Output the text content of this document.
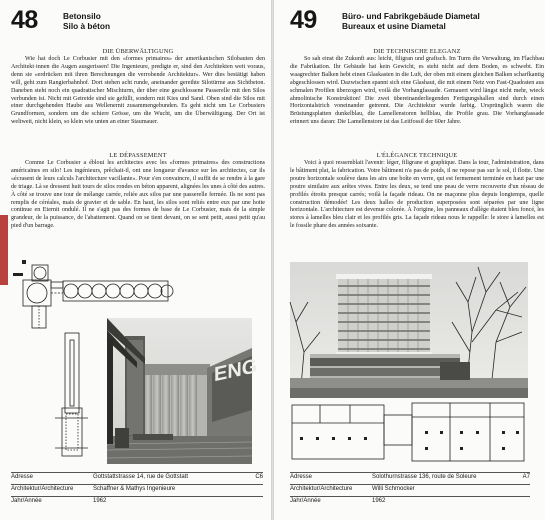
48	Betonsilo
Silo à béton
DIE ÜBERWÄLTIGUNG

Wie hat doch Le Corbusier mit den «formes primaires» der amerikanischen Silobauten den Architekt·innen die Augen ausgerissen! Die Ingenieure, predigte er, sind den Architekten weit voraus, denn sie «erdrücken mit ihren Berechnungen die verrohende Architektur». Wer dies bestätigt haben will, geht zum Rangierbahnhof. Dort stehen acht runde, aneinander gereihte Silotürme aus Sichtbeton. Daneben steht noch ein quadratischer Mischturm, der über eine geschlossene Passerelle mit den Silos verbunden ist. Nicht mit Getreide sind sie gefüllt, sondern mit Kies und Sand. Oben sind die Silos mit einer durchgehenden Haube aus Wellenernit zusammengebunden. Es geht nicht um Le Corbusiers Grundformen, sondern um die schiere Grösse, um die Wucht, um die Überwältigung. Der Ort ist weltweit, nicht klein, so klein wie unten an einer Staumauer.

LE DÉPASSEMENT

Comme Le Corbusier a ébloui les architectes avec les «formes primaires» des constructions américaines en silo! Les ingénieurs, prêchait-il, ont une longueur d'avance sur les architectes, car ils «écrasent de leurs calculs l'architecture vacillante». Pour s'en convaincre, il suffit de se rendre à la gare de triage. Là se dressent huit tours de silos rondes en béton apparent, alignées les unes à côté des autres. À côté se trouve une tour de mélange carrée, reliée aux silos par une passerelle fermée. Ils ne sont pas remplis de céréales, mais de gravier et de sable. En haut, les silos sont reliés entre eux par une hotte continue en Eternit ondulé. Il ne s'agit pas des formes de base de Le Corbusier, mais de la simple grandeur, de la puissance, de l'abattement. Quand on se tient devant, on se sent petit, aussi petit qu'au pied d'un barrage.

ENG
Adresse	Gottstattstrasse 14, rue de Gottstatt	C6
Architektur/Architecture	Schaffner & Mathys Ingenieure
Jahr/Année	1962
49	Büro- und Fabrikgebäude Diametal
Bureaux et usine Diametal
DIE TECHNISCHE ELEGANZ

So sah einst die Zukunft aus: leicht, filigran und grafisch. Im Turm die Verwaltung, im Flachbau die Fabrikation. Ihr Gebäude hat kein Gewicht, es steht nicht auf dem Boden, es schwebt. Ein waagrechter Balken hebt einen Glaskasten in die Luft, der oben mit einem gleichen Balken scharfkantig abgeschlossen wird. Dazwischen spannt sich eine Glashaut, die mit einem Netz von Fast-Quadraten aus schmalen Profilen überzogen wird, voilà die Vorhangfassade. Gemauert wird längst nicht mehr, wieck ahmolinische Konstruktion! Die zwei übereinanderliegenden Fertigungshallen sind durch einen Horizontalstrich voneinander getrennt. Die Architektur wurde farbig. Ursprünglich waren die Brüstungsplatten dunkelblau, die Lamellenstoren hellblau, die Profile grau. Die Vorhangfassade erinnert uns daran: Die Lamellenstore ist das Leitfossil der 60er Jahre.

L'ÉLÉGANCE TECHNIQUE

Voici à quoi ressemblait l'avenir: léger, filigrane et graphique. Dans la tour, l'administration, dans le bâtiment plat, la fabrication. Votre bâtiment n'a pas de poids, il ne repose pas sur le sol, il flotte. Une poutre horizontale soulève dans les airs une boîte en verre, qui est fermement terminée en haut par une poutre similaire aux arêtes vives. Entre les deux, se tend une peau de verre recouverte d'un réseau de profilés étroits presque carrés; voilà la façade rideau. On ne maçonne plus depuis longtemps, quelle construction démodée! Les deux halles de production superposées sont séparées par une ligne horizontale. L'architecture est devenue colorée. À l'origine, les panneaux d'allège étaient bleu foncé, les stores à lamelles bleu clair et les profilés gris. La façade rideau nous le rappelle: le store à lamelles est le fossile phare des années soixante.

Adresse	Solothurnstrasse 136, route de Soleure	A7
Architektur/Architecture	Willi Schmocker
Jahr/Année	1962
